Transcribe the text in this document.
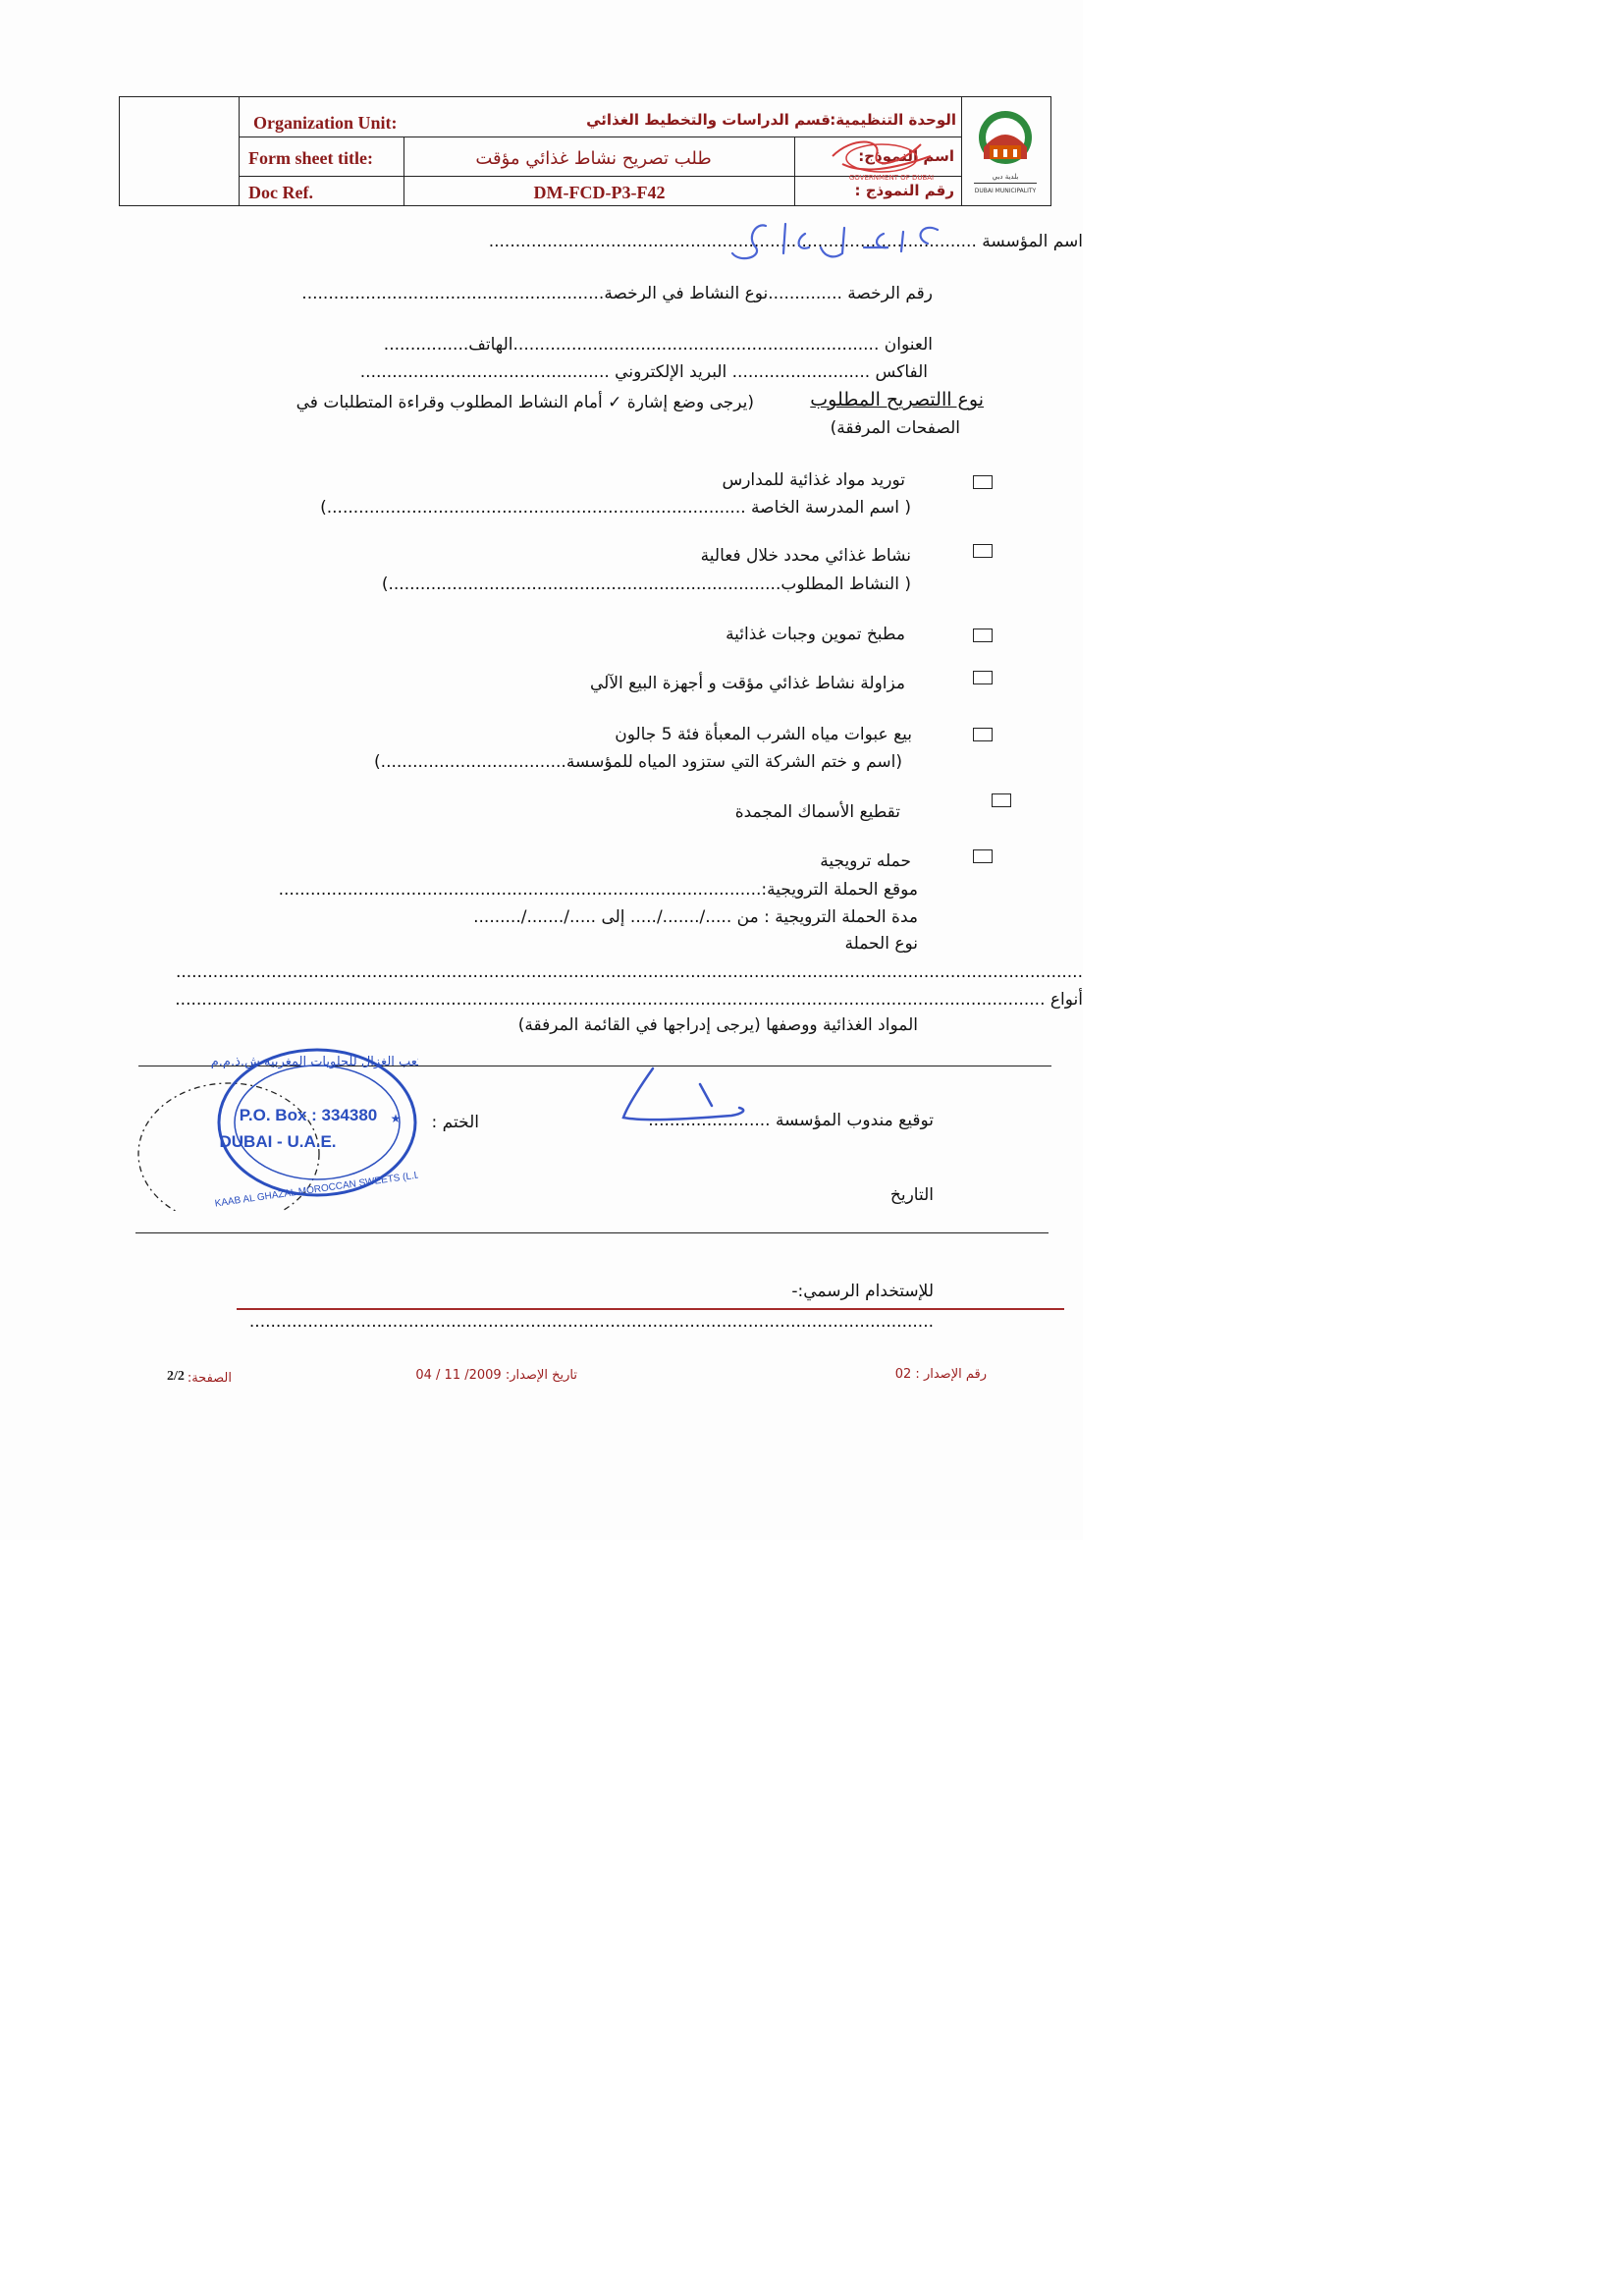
Organization Unit:	الوحدة التنظيمية:
قسم الدراسات والتخطيط الغذائي
Form sheet title:	طلب تصريح نشاط غذائي مؤقت	اسم النموذج:
Doc Ref.	DM-FCD-P3-F42	رقم النموذج :
بلدية دبي
DUBAI MUNICIPALITY
GOVERNMENT OF DUBAI
اسم المؤسسة ............................................................................................
رقم الرخصة ..............نوع النشاط في الرخصة.........................................................
العنوان .....................................................................الهاتف................
الفاكس .......................... البريد الإلكتروني ...............................................
نوع االتصريح المطلوب
(يرجى وضع إشارة ✓ أمام النشاط المطلوب وقراءة المتطلبات في
الصفحات المرفقة)
توريد مواد غذائية للمدارس
( اسم المدرسة الخاصة ...............................................................................)
نشاط غذائي محدد خلال فعالية
( النشاط المطلوب..........................................................................)
مطبخ تموين وجبات غذائية
مزاولة نشاط غذائي مؤقت و أجهزة البيع الآلي
بيع عبوات مياه الشرب المعبأة فئة 5 جالون
(اسم و ختم الشركة التي ستزود المياه للمؤسسة...................................)
تقطيع الأسماك المجمدة
حمله ترويجية
موقع الحملة الترويجية:...........................................................................................
مدة الحملة الترويجية : من ...../......./..... إلى ...../......./.........
نوع الحملة
...........................................................................................................................................................................
أنواع ....................................................................................................................................................................
المواد الغذائية ووصفها (يرجى إدراجها في القائمة المرفقة)
توقيع مندوب المؤسسة .......................
الختم :
كعب الغزال للحلويات المغربية ش.ذ.م.م
P.O. Box : 334380
DUBAI - U.A.E.
KAAB AL GHAZAL MOROCCAN SWEETS (L.L.C)
★
التاريخ
للإستخدام الرسمي:-
.................................................................................................................................
رقم الإصدار : 02
تاريخ الإصدار: 2009/ 11 / 04
الصفحة:
2/2
